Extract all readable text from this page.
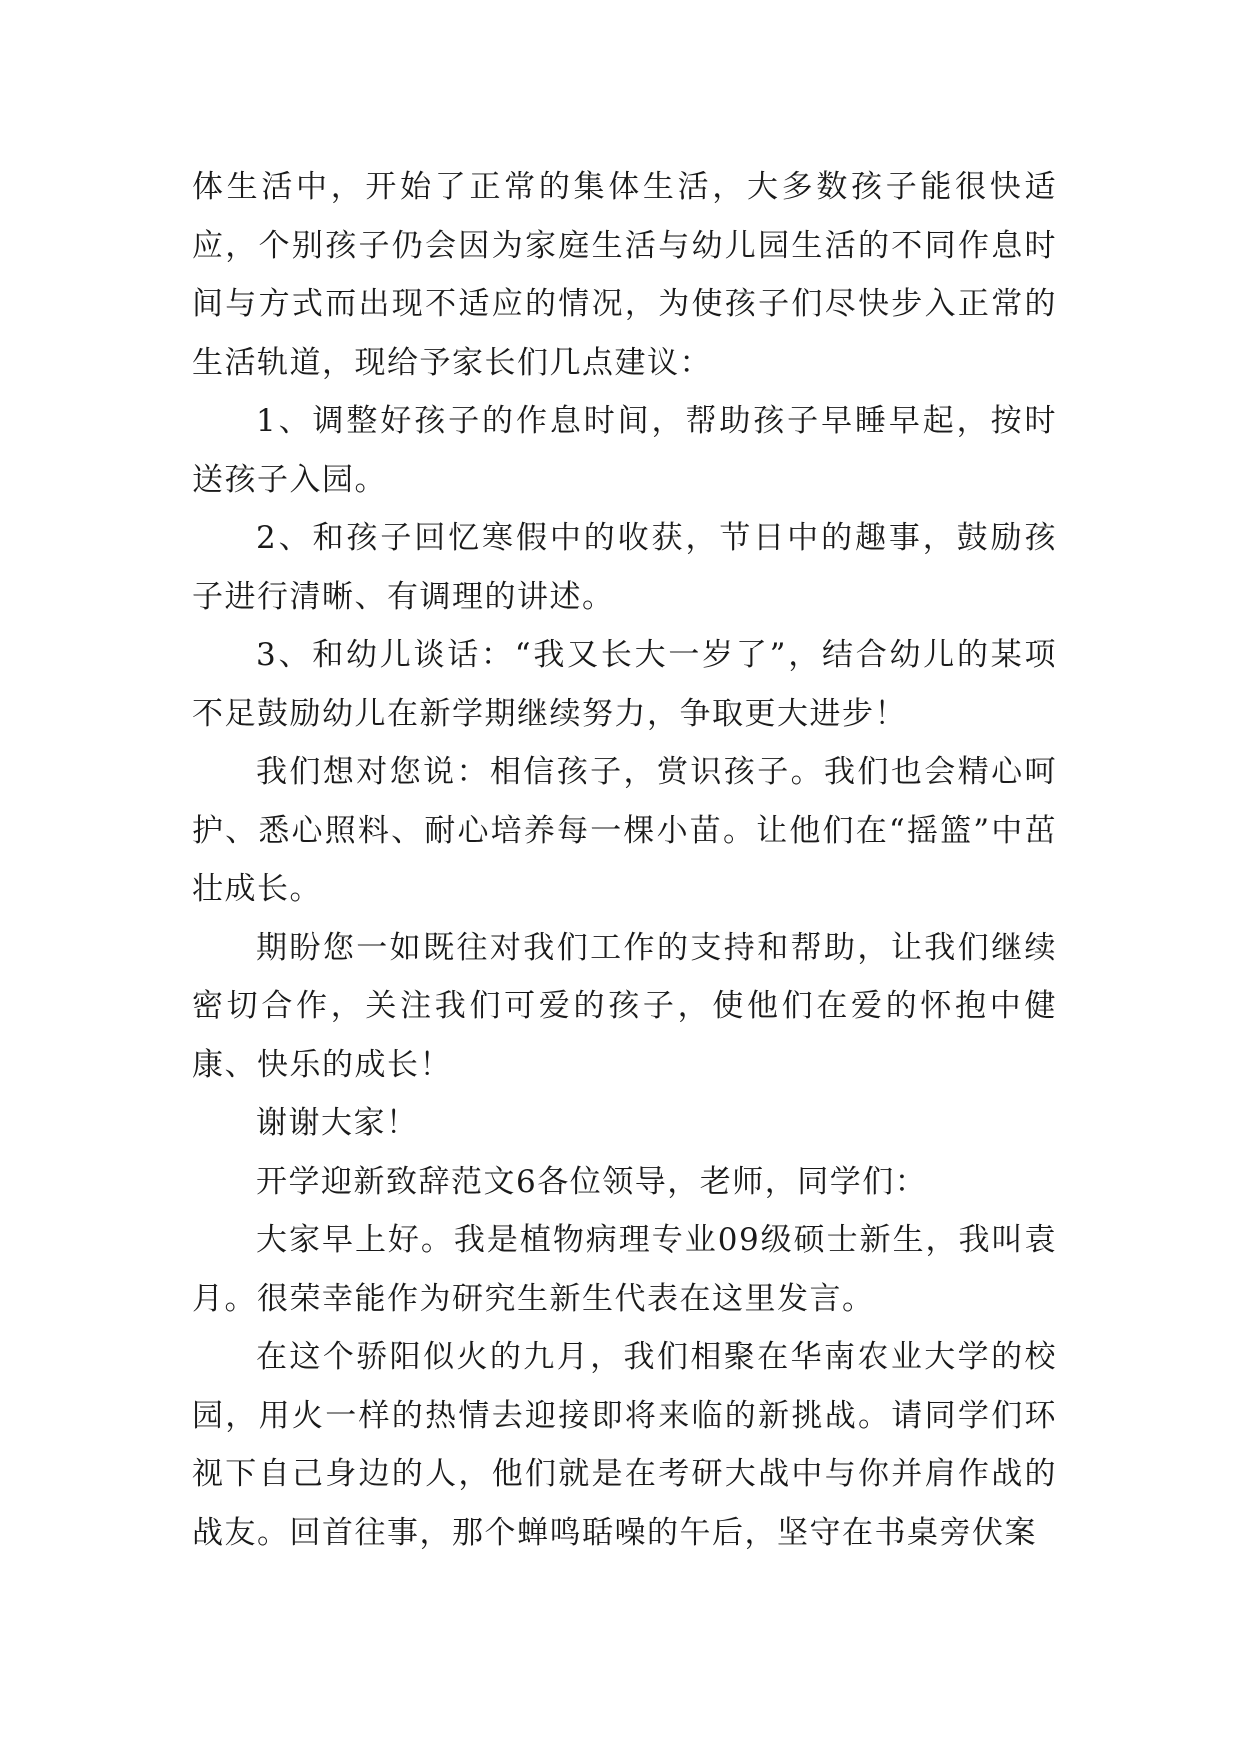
体生活中，开始了正常的集体生活，大多数孩子能很快适应，个别孩子仍会因为家庭生活与幼儿园生活的不同作息时间与方式而出现不适应的情况，为使孩子们尽快步入正常的生活轨道，现给予家长们几点建议：

1、调整好孩子的作息时间，帮助孩子早睡早起，按时送孩子入园。

2、和孩子回忆寒假中的收获，节日中的趣事，鼓励孩子进行清晰、有调理的讲述。

3、和幼儿谈话：“我又长大一岁了”，结合幼儿的某项不足鼓励幼儿在新学期继续努力，争取更大进步！

我们想对您说：相信孩子，赏识孩子。我们也会精心呵护、悉心照料、耐心培养每一棵小苗。让他们在“摇篮”中茁壮成长。

期盼您一如既往对我们工作的支持和帮助，让我们继续密切合作，关注我们可爱的孩子，使他们在爱的怀抱中健康、快乐的成长！

谢谢大家！

开学迎新致辞范文6各位领导，老师，同学们：

大家早上好。我是植物病理专业09级硕士新生，我叫袁月。很荣幸能作为研究生新生代表在这里发言。

在这个骄阳似火的九月，我们相聚在华南农业大学的校园，用火一样的热情去迎接即将来临的新挑战。请同学们环视下自己身边的人，他们就是在考研大战中与你并肩作战的战友。回首往事，那个蝉鸣聒噪的午后，坚守在书桌旁伏案
